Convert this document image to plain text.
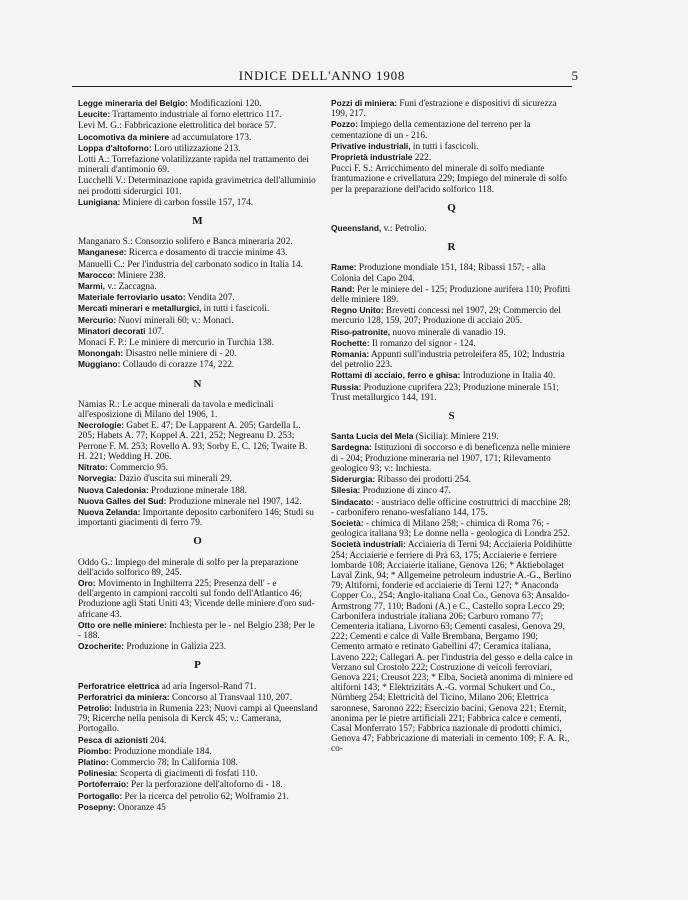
INDICE DELL'ANNO 1908	5
Legge mineraria del Belgio: Modificazioni 120.
Leucite: Trattamento industriale al forno elettrico 117.
Levi M. G.: Fabbricazione elettrolitica del borace 57.
Locomotiva da miniere ad accumulatore 173.
Loppa d'altoforno: Loro utilizzazione 213.
Lotti A.: Torrefazione volatilizzante rapida nel trattamento dei minerali d'antimonio 69.
Lucchelli V.: Determinazione rapida gravimetrica dell'alluminio nei prodotti siderurgici 101.
Lunigiana: Miniere di carbon fossile 157, 174.
M
Manganaro S.: Consorzio solifero e Banca mineraria 202.
Manganese: Ricerca e dosamento di traccie minime 43.
Manuelli C.: Per l'industria del carbonato sodico in Italia 14.
Marocco: Miniere 238.
Marmi, v.: Zaccagna.
Materiale ferroviario usato: Vendita 207.
Mercati minerari e metallurgici, in tutti i fascicoli.
Mercurio: Nuovi minerali 60; v.: Monaci.
Minatori decorati 107.
Monaci F. P.: Le miniere di mercurio in Turchia 138.
Monongah: Disastro nelle miniere di - 20.
Muggiano: Collaudo di corazze 174, 222.
N
Namias R.: Le acque minerali da tavola e medicinali all'esposizione di Milano del 1906, 1.
Necrologie: Gabet E. 47; De Lapparent A. 205; Gardella L. 205; Habets A. 77; Koppel A. 221, 252; Negreanu D. 253; Perrone F. M. 253; Rovello A. 93; Sorby E. C. 126; Twaite B. H. 221; Wedding H. 206.
Nitrato: Commercio 95.
Norvegia: Dazio d'uscita sui minerali 29.
Nuova Caledonia: Produzione minerale 188.
Nuova Galles del Sud: Produzione minerale nel 1907, 142.
Nuova Zelanda: Importante deposito carbonifero 146; Studi su importanti giacimenti di ferro 79.
O
Oddo G.: Impiego del minerale di solfo per la preparazione dell'acido solforico 89, 245.
Oro: Movimento in Inghilterra 225; Presenza dell' - e dell'argento in campioni raccolti sul fondo dell'Atlantico 46; Produzione agli Stati Uniti 43; Vicende delle miniere d'oro sud-africane 43.
Otto ore nelle miniere: Inchiesta per le - nel Belgio 238; Per le - 188.
Ozocherite: Produzione in Galizia 223.
P
Perforatrice elettrica ad aria Ingersol-Rand 71.
Perforatrici da miniera: Concorso al Transvaal 110, 207.
Petrolio: Industria in Rumenia 223; Nuovi campi al Queensland 79; Ricerche nella penisola di Kerck 45; v.: Camerana, Portogallo.
Pesca di azionisti 204.
Piombo: Produzione mondiale 184.
Platino: Commercio 78; In California 108.
Polinesia: Scoperta di giacimenti di fosfati 110.
Portoferraio: Per la perforazione dell'altoforno di - 18.
Portogallo: Per la ricerca del petrolio 62; Wolframio 21.
Posepny: Onoranze 45
Pozzi di miniera: Funi d'estrazione e dispositivi di sicurezza 199, 217.
Pozzo: Impiego della cementazione del terreno per la cementazione di un - 216.
Privative industriali, in tutti i fascicoli.
Proprietà industriale 222.
Pucci F. S.: Arricchimento del minerale di solfo mediante frantumazione e crivellatura 229; Impiego del minerale di solfo per la preparazione dell'acido solforico 118.
Q
Queensland, v.: Petrolio.
R
Rame: Produzione mondiale 151, 184; Ribassi 157; - alla Colonia del Capo 204.
Rand: Per le miniere del - 125; Produzione aurifera 110; Profitti delle miniere 189.
Regno Unito: Brevetti concessi nel 1907, 29; Commercio del mercurio 128, 159, 207; Produzione di acciaio 205.
Riso-patronite, nuovo minerale di vanadio 19.
Rochette: Il romanzo del signor - 124.
Romania: Appunti sull'industria petroleifera 85, 102; Industria del petrolio 223.
Rottami di acciaio, ferro e ghisa: Introduzione in Italia 40.
Russia: Produzione cuprifera 223; Produzione minerale 151; Trust metallurgico 144, 191.
S
Santa Lucia del Mela (Sicilia): Miniere 219.
Sardegna: Istituzioni di soccorso e di beneficenza nelle miniere di - 204; Produzione mineraria nel 1907, 171; Rilevamento geologico 93; v.: Inchiesta.
Siderurgia: Ribasso dei prodotti 254.
Silesia: Produzione di zinco 47.
Sindacato: - austriaco delle officine costruttrici di macchine 28; - carbonifero renano-wesfaliano 144, 175.
Società: - chimica di Milano 258; - chimica di Roma 76; - geologica italiana 93; Le donne nella - geologica di Londra 252.
Società industriali: Acciaieria di Terni 94; Acciaieria Poldihütte 254; Acciaierie e ferriere di Prà 63, 175; Acciaierie e ferriere lombarde 108; Acciaierie italiane, Genova 126; * Aktiebolaget Laval Zink, 94; * Allgemeine petroleum industrie A.-G., Berlino 79; Altiforni, fonderie ed acciaierie di Terni 127; * Anaconda Copper Co., 254; Anglo-italiana Coal Co., Genova 63; Ansaldo-Armstrong 77, 110; Badoni (A.) e C., Castello sopra Lecco 29; Carbonifera industriale italiana 206; Carburo romano 77; Cementeria italiana, Livorno 63; Cementi casalesi, Genova 29, 222; Cementi e calce di Valle Brembana, Bergamo 190; Cemento armato e retinato Gabellini 47; Ceramica italiana, Laveno 222; Callegari A. per l'industria del gesso e della calce in Verzano sul Crostolo 222; Costruzione di veicoli ferroviari, Genova 221; Creusot 223; * Elba, Società anonima di miniere ed altiforni 143; * Elektrizitäts A.-G. vormal Schukert und Co., Nürnberg 254; Elettricità del Ticino, Milano 206; Elettrica saronnese, Saronno 222; Esercizio bacini, Genova 221; Eternit, anonima per le pietre artificiali 221; Fabbrica calce e cementi, Casal Monferrato 157; Fabbrica nazionale di prodotti chimici, Genova 47; Fabbricazione di materiali in cemento 109; F. A. R., co-
